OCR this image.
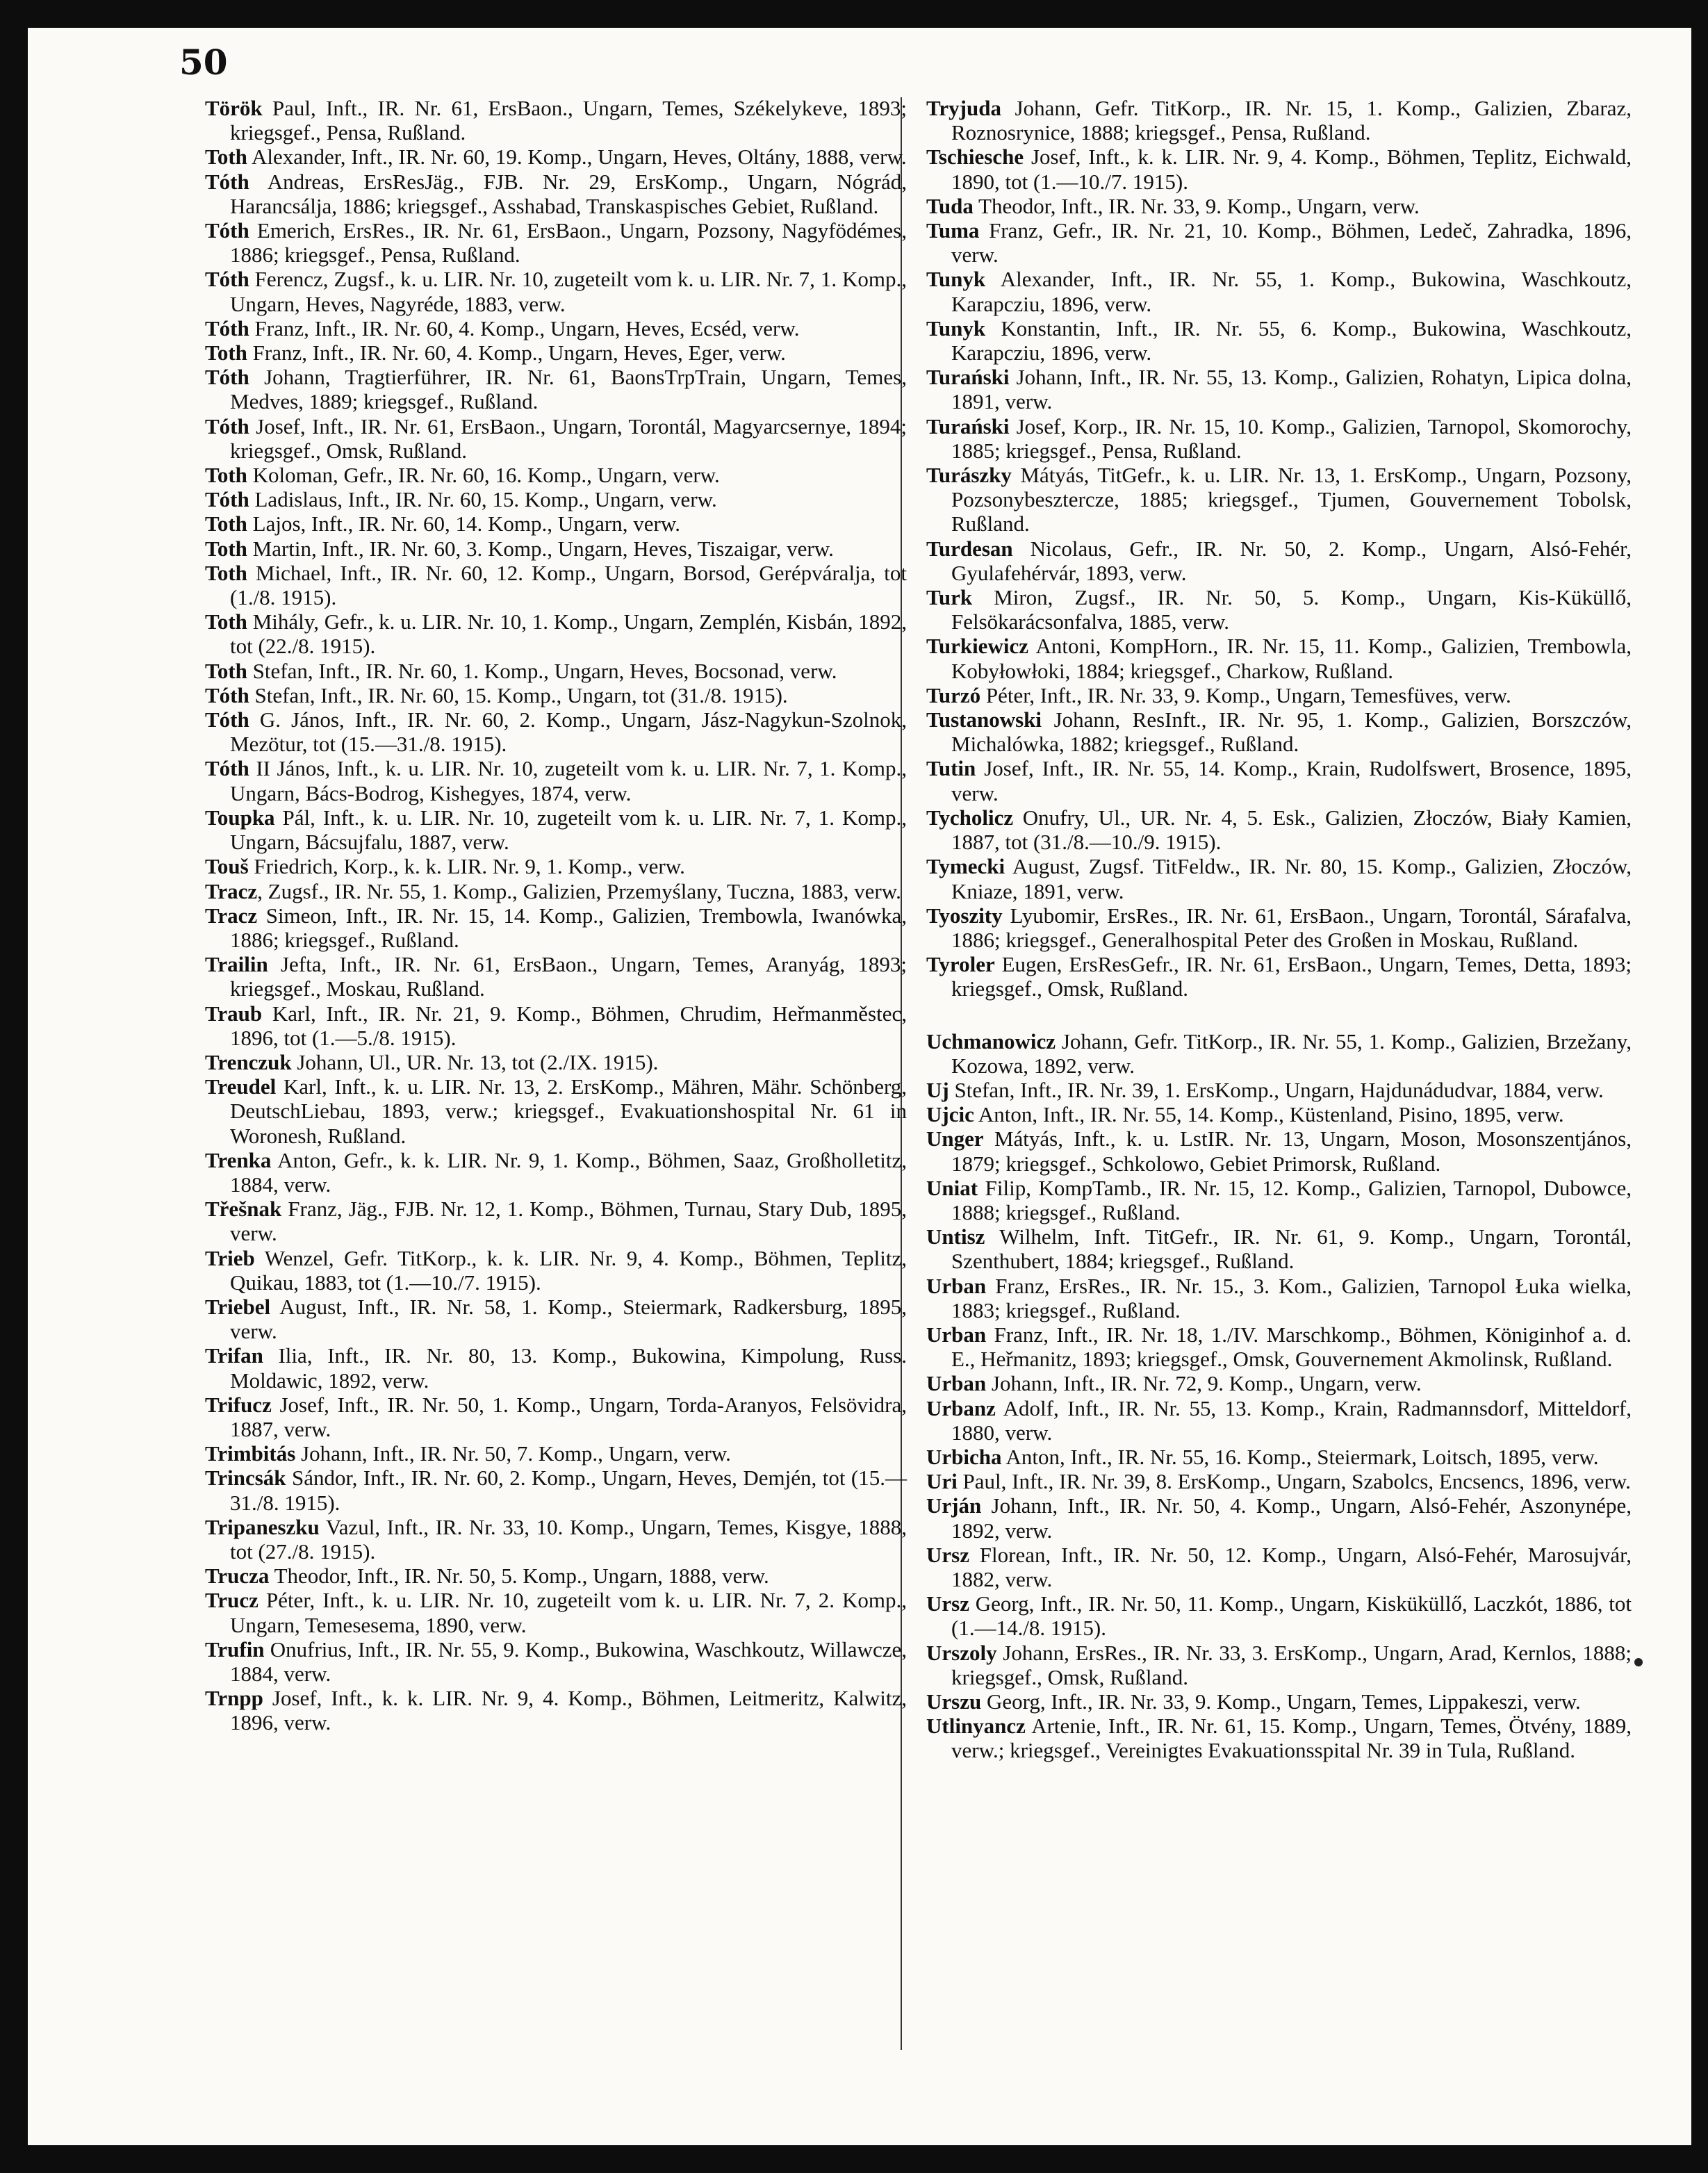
50

Török Paul, Inft., IR. Nr. 61, ErsBaon., Ungarn, Temes, Székelykeve, 1893; kriegsgef., Pensa, Rußland.

Toth Alexander, Inft., IR. Nr. 60, 19. Komp., Ungarn, Heves, Oltány, 1888, verw.

Tóth Andreas, ErsResJäg., FJB. Nr. 29, ErsKomp., Ungarn, Nógrád, Harancsálja, 1886; kriegsgef., Asshabad, Transkaspisches Gebiet, Rußland.

Tóth Emerich, ErsRes., IR. Nr. 61, ErsBaon., Ungarn, Pozsony, Nagyfödémes, 1886; kriegsgef., Pensa, Rußland.

Tóth Ferencz, Zugsf., k. u. LIR. Nr. 10, zugeteilt vom k. u. LIR. Nr. 7, 1. Komp., Ungarn, Heves, Nagyréde, 1883, verw.

Tóth Franz, Inft., IR. Nr. 60, 4. Komp., Ungarn, Heves, Ecséd, verw.

Toth Franz, Inft., IR. Nr. 60, 4. Komp., Ungarn, Heves, Eger, verw.

Tóth Johann, Tragtierführer, IR. Nr. 61, BaonsTrpTrain, Ungarn, Temes, Medves, 1889; kriegsgef., Rußland.

Tóth Josef, Inft., IR. Nr. 61, ErsBaon., Ungarn, Torontál, Magyarcsernye, 1894; kriegsgef., Omsk, Rußland.

Toth Koloman, Gefr., IR. Nr. 60, 16. Komp., Ungarn, verw.

Tóth Ladislaus, Inft., IR. Nr. 60, 15. Komp., Ungarn, verw.

Toth Lajos, Inft., IR. Nr. 60, 14. Komp., Ungarn, verw.

Toth Martin, Inft., IR. Nr. 60, 3. Komp., Ungarn, Heves, Tiszaigar, verw.

Toth Michael, Inft., IR. Nr. 60, 12. Komp., Ungarn, Borsod, Gerépváralja, tot (1./8. 1915).

Toth Mihály, Gefr., k. u. LIR. Nr. 10, 1. Komp., Ungarn, Zemplén, Kisbán, 1892, tot (22./8. 1915).

Toth Stefan, Inft., IR. Nr. 60, 1. Komp., Ungarn, Heves, Bocsonad, verw.

Tóth Stefan, Inft., IR. Nr. 60, 15. Komp., Ungarn, tot (31./8. 1915).

Tóth G. János, Inft., IR. Nr. 60, 2. Komp., Ungarn, Jász-Nagykun-Szolnok, Mezötur, tot (15.—31./8. 1915).

Tóth II János, Inft., k. u. LIR. Nr. 10, zugeteilt vom k. u. LIR. Nr. 7, 1. Komp., Ungarn, Bács-Bodrog, Kishegyes, 1874, verw.

Toupka Pál, Inft., k. u. LIR. Nr. 10, zugeteilt vom k. u. LIR. Nr. 7, 1. Komp., Ungarn, Bácsujfalu, 1887, verw.

Touš Friedrich, Korp., k. k. LIR. Nr. 9, 1. Komp., verw.

Tracz, Zugsf., IR. Nr. 55, 1. Komp., Galizien, Przemyślany, Tuczna, 1883, verw.

Tracz Simeon, Inft., IR. Nr. 15, 14. Komp., Galizien, Trembowla, Iwanówka, 1886; kriegsgef., Rußland.

Trailin Jefta, Inft., IR. Nr. 61, ErsBaon., Ungarn, Temes, Aranyág, 1893; kriegsgef., Moskau, Rußland.

Traub Karl, Inft., IR. Nr. 21, 9. Komp., Böhmen, Chrudim, Heřmanměstec, 1896, tot (1.—5./8. 1915).

Trenczuk Johann, Ul., UR. Nr. 13, tot (2./IX. 1915).

Treudel Karl, Inft., k. u. LIR. Nr. 13, 2. ErsKomp., Mähren, Mähr. Schönberg, DeutschLiebau, 1893, verw.; kriegsgef., Evakuationshospital Nr. 61 in Woronesh, Rußland.

Trenka Anton, Gefr., k. k. LIR. Nr. 9, 1. Komp., Böhmen, Saaz, Großholletitz, 1884, verw.

Třešnak Franz, Jäg., FJB. Nr. 12, 1. Komp., Böhmen, Turnau, Stary Dub, 1895, verw.

Trieb Wenzel, Gefr. TitKorp., k. k. LIR. Nr. 9, 4. Komp., Böhmen, Teplitz, Quikau, 1883, tot (1.—10./7. 1915).

Triebel August, Inft., IR. Nr. 58, 1. Komp., Steiermark, Radkersburg, 1895, verw.

Trifan Ilia, Inft., IR. Nr. 80, 13. Komp., Bukowina, Kimpolung, Russ. Moldawic, 1892, verw.

Trifucz Josef, Inft., IR. Nr. 50, 1. Komp., Ungarn, Torda-Aranyos, Felsövidra, 1887, verw.

Trimbitás Johann, Inft., IR. Nr. 50, 7. Komp., Ungarn, verw.

Trincsák Sándor, Inft., IR. Nr. 60, 2. Komp., Ungarn, Heves, Demjén, tot (15.—31./8. 1915).

Tripaneszku Vazul, Inft., IR. Nr. 33, 10. Komp., Ungarn, Temes, Kisgye, 1888, tot (27./8. 1915).

Trucza Theodor, Inft., IR. Nr. 50, 5. Komp., Ungarn, 1888, verw.

Trucz Péter, Inft., k. u. LIR. Nr. 10, zugeteilt vom k. u. LIR. Nr. 7, 2. Komp., Ungarn, Temesesema, 1890, verw.

Trufin Onufrius, Inft., IR. Nr. 55, 9. Komp., Bukowina, Waschkoutz, Willawcze, 1884, verw.

Trnpp Josef, Inft., k. k. LIR. Nr. 9, 4. Komp., Böhmen, Leitmeritz, Kalwitz, 1896, verw.

Tryjuda Johann, Gefr. TitKorp., IR. Nr. 15, 1. Komp., Galizien, Zbaraz, Roznosrynice, 1888; kriegsgef., Pensa, Rußland.

Tschiesche Josef, Inft., k. k. LIR. Nr. 9, 4. Komp., Böhmen, Teplitz, Eichwald, 1890, tot (1.—10./7. 1915).

Tuda Theodor, Inft., IR. Nr. 33, 9. Komp., Ungarn, verw.

Tuma Franz, Gefr., IR. Nr. 21, 10. Komp., Böhmen, Ledeč, Zahradka, 1896, verw.

Tunyk Alexander, Inft., IR. Nr. 55, 1. Komp., Bukowina, Waschkoutz, Karapcziu, 1896, verw.

Tunyk Konstantin, Inft., IR. Nr. 55, 6. Komp., Bukowina, Waschkoutz, Karapcziu, 1896, verw.

Turański Johann, Inft., IR. Nr. 55, 13. Komp., Galizien, Rohatyn, Lipica dolna, 1891, verw.

Turański Josef, Korp., IR. Nr. 15, 10. Komp., Galizien, Tarnopol, Skomorochy, 1885; kriegsgef., Pensa, Rußland.

Turászky Mátyás, TitGefr., k. u. LIR. Nr. 13, 1. ErsKomp., Ungarn, Pozsony, Pozsonybesztercze, 1885; kriegsgef., Tjumen, Gouvernement Tobolsk, Rußland.

Turdesan Nicolaus, Gefr., IR. Nr. 50, 2. Komp., Ungarn, Alsó-Fehér, Gyulafehérvár, 1893, verw.

Turk Miron, Zugsf., IR. Nr. 50, 5. Komp., Ungarn, Kis-Küküllő, Felsökarácsonfalva, 1885, verw.

Turkiewicz Antoni, KompHorn., IR. Nr. 15, 11. Komp., Galizien, Trembowla, Kobyłowłoki, 1884; kriegsgef., Charkow, Rußland.

Turzó Péter, Inft., IR. Nr. 33, 9. Komp., Ungarn, Temesfüves, verw.

Tustanowski Johann, ResInft., IR. Nr. 95, 1. Komp., Galizien, Borszczów, Michalówka, 1882; kriegsgef., Rußland.

Tutin Josef, Inft., IR. Nr. 55, 14. Komp., Krain, Rudolfswert, Brosence, 1895, verw.

Tycholicz Onufry, Ul., UR. Nr. 4, 5. Esk., Galizien, Złoczów, Biały Kamien, 1887, tot (31./8.—10./9. 1915).

Tymecki August, Zugsf. TitFeldw., IR. Nr. 80, 15. Komp., Galizien, Złoczów, Kniaze, 1891, verw.

Tyoszity Lyubomir, ErsRes., IR. Nr. 61, ErsBaon., Ungarn, Torontál, Sárafalva, 1886; kriegsgef., Generalhospital Peter des Großen in Moskau, Rußland.

Tyroler Eugen, ErsResGefr., IR. Nr. 61, ErsBaon., Ungarn, Temes, Detta, 1893; kriegsgef., Omsk, Rußland.

Uchmanowicz Johann, Gefr. TitKorp., IR. Nr. 55, 1. Komp., Galizien, Brzežany, Kozowa, 1892, verw.

Uj Stefan, Inft., IR. Nr. 39, 1. ErsKomp., Ungarn, Hajdunádudvar, 1884, verw.

Ujcic Anton, Inft., IR. Nr. 55, 14. Komp., Küstenland, Pisino, 1895, verw.

Unger Mátyás, Inft., k. u. LstIR. Nr. 13, Ungarn, Moson, Mosonszentjános, 1879; kriegsgef., Schkolowo, Gebiet Primorsk, Rußland.

Uniat Filip, KompTamb., IR. Nr. 15, 12. Komp., Galizien, Tarnopol, Dubowce, 1888; kriegsgef., Rußland.

Untisz Wilhelm, Inft. TitGefr., IR. Nr. 61, 9. Komp., Ungarn, Torontál, Szenthubert, 1884; kriegsgef., Rußland.

Urban Franz, ErsRes., IR. Nr. 15., 3. Kom., Galizien, Tarnopol Łuka wielka, 1883; kriegsgef., Rußland.

Urban Franz, Inft., IR. Nr. 18, 1./IV. Marschkomp., Böhmen, Königinhof a. d. E., Heřmanitz, 1893; kriegsgef., Omsk, Gouvernement Akmolinsk, Rußland.

Urban Johann, Inft., IR. Nr. 72, 9. Komp., Ungarn, verw.

Urbanz Adolf, Inft., IR. Nr. 55, 13. Komp., Krain, Radmannsdorf, Mitteldorf, 1880, verw.

Urbicha Anton, Inft., IR. Nr. 55, 16. Komp., Steiermark, Loitsch, 1895, verw.

Uri Paul, Inft., IR. Nr. 39, 8. ErsKomp., Ungarn, Szabolcs, Encsencs, 1896, verw.

Urján Johann, Inft., IR. Nr. 50, 4. Komp., Ungarn, Alsó-Fehér, Aszonynépe, 1892, verw.

Ursz Florean, Inft., IR. Nr. 50, 12. Komp., Ungarn, Alsó-Fehér, Marosujvár, 1882, verw.

Ursz Georg, Inft., IR. Nr. 50, 11. Komp., Ungarn, Kisküküllő, Laczkót, 1886, tot (1.—14./8. 1915).

Urszoly Johann, ErsRes., IR. Nr. 33, 3. ErsKomp., Ungarn, Arad, Kernlos, 1888; kriegsgef., Omsk, Rußland.

Urszu Georg, Inft., IR. Nr. 33, 9. Komp., Ungarn, Temes, Lippakeszi, verw.

Utlinyancz Artenie, Inft., IR. Nr. 61, 15. Komp., Ungarn, Temes, Ötvény, 1889, verw.; kriegsgef., Vereinigtes Evakuationsspital Nr. 39 in Tula, Rußland.
